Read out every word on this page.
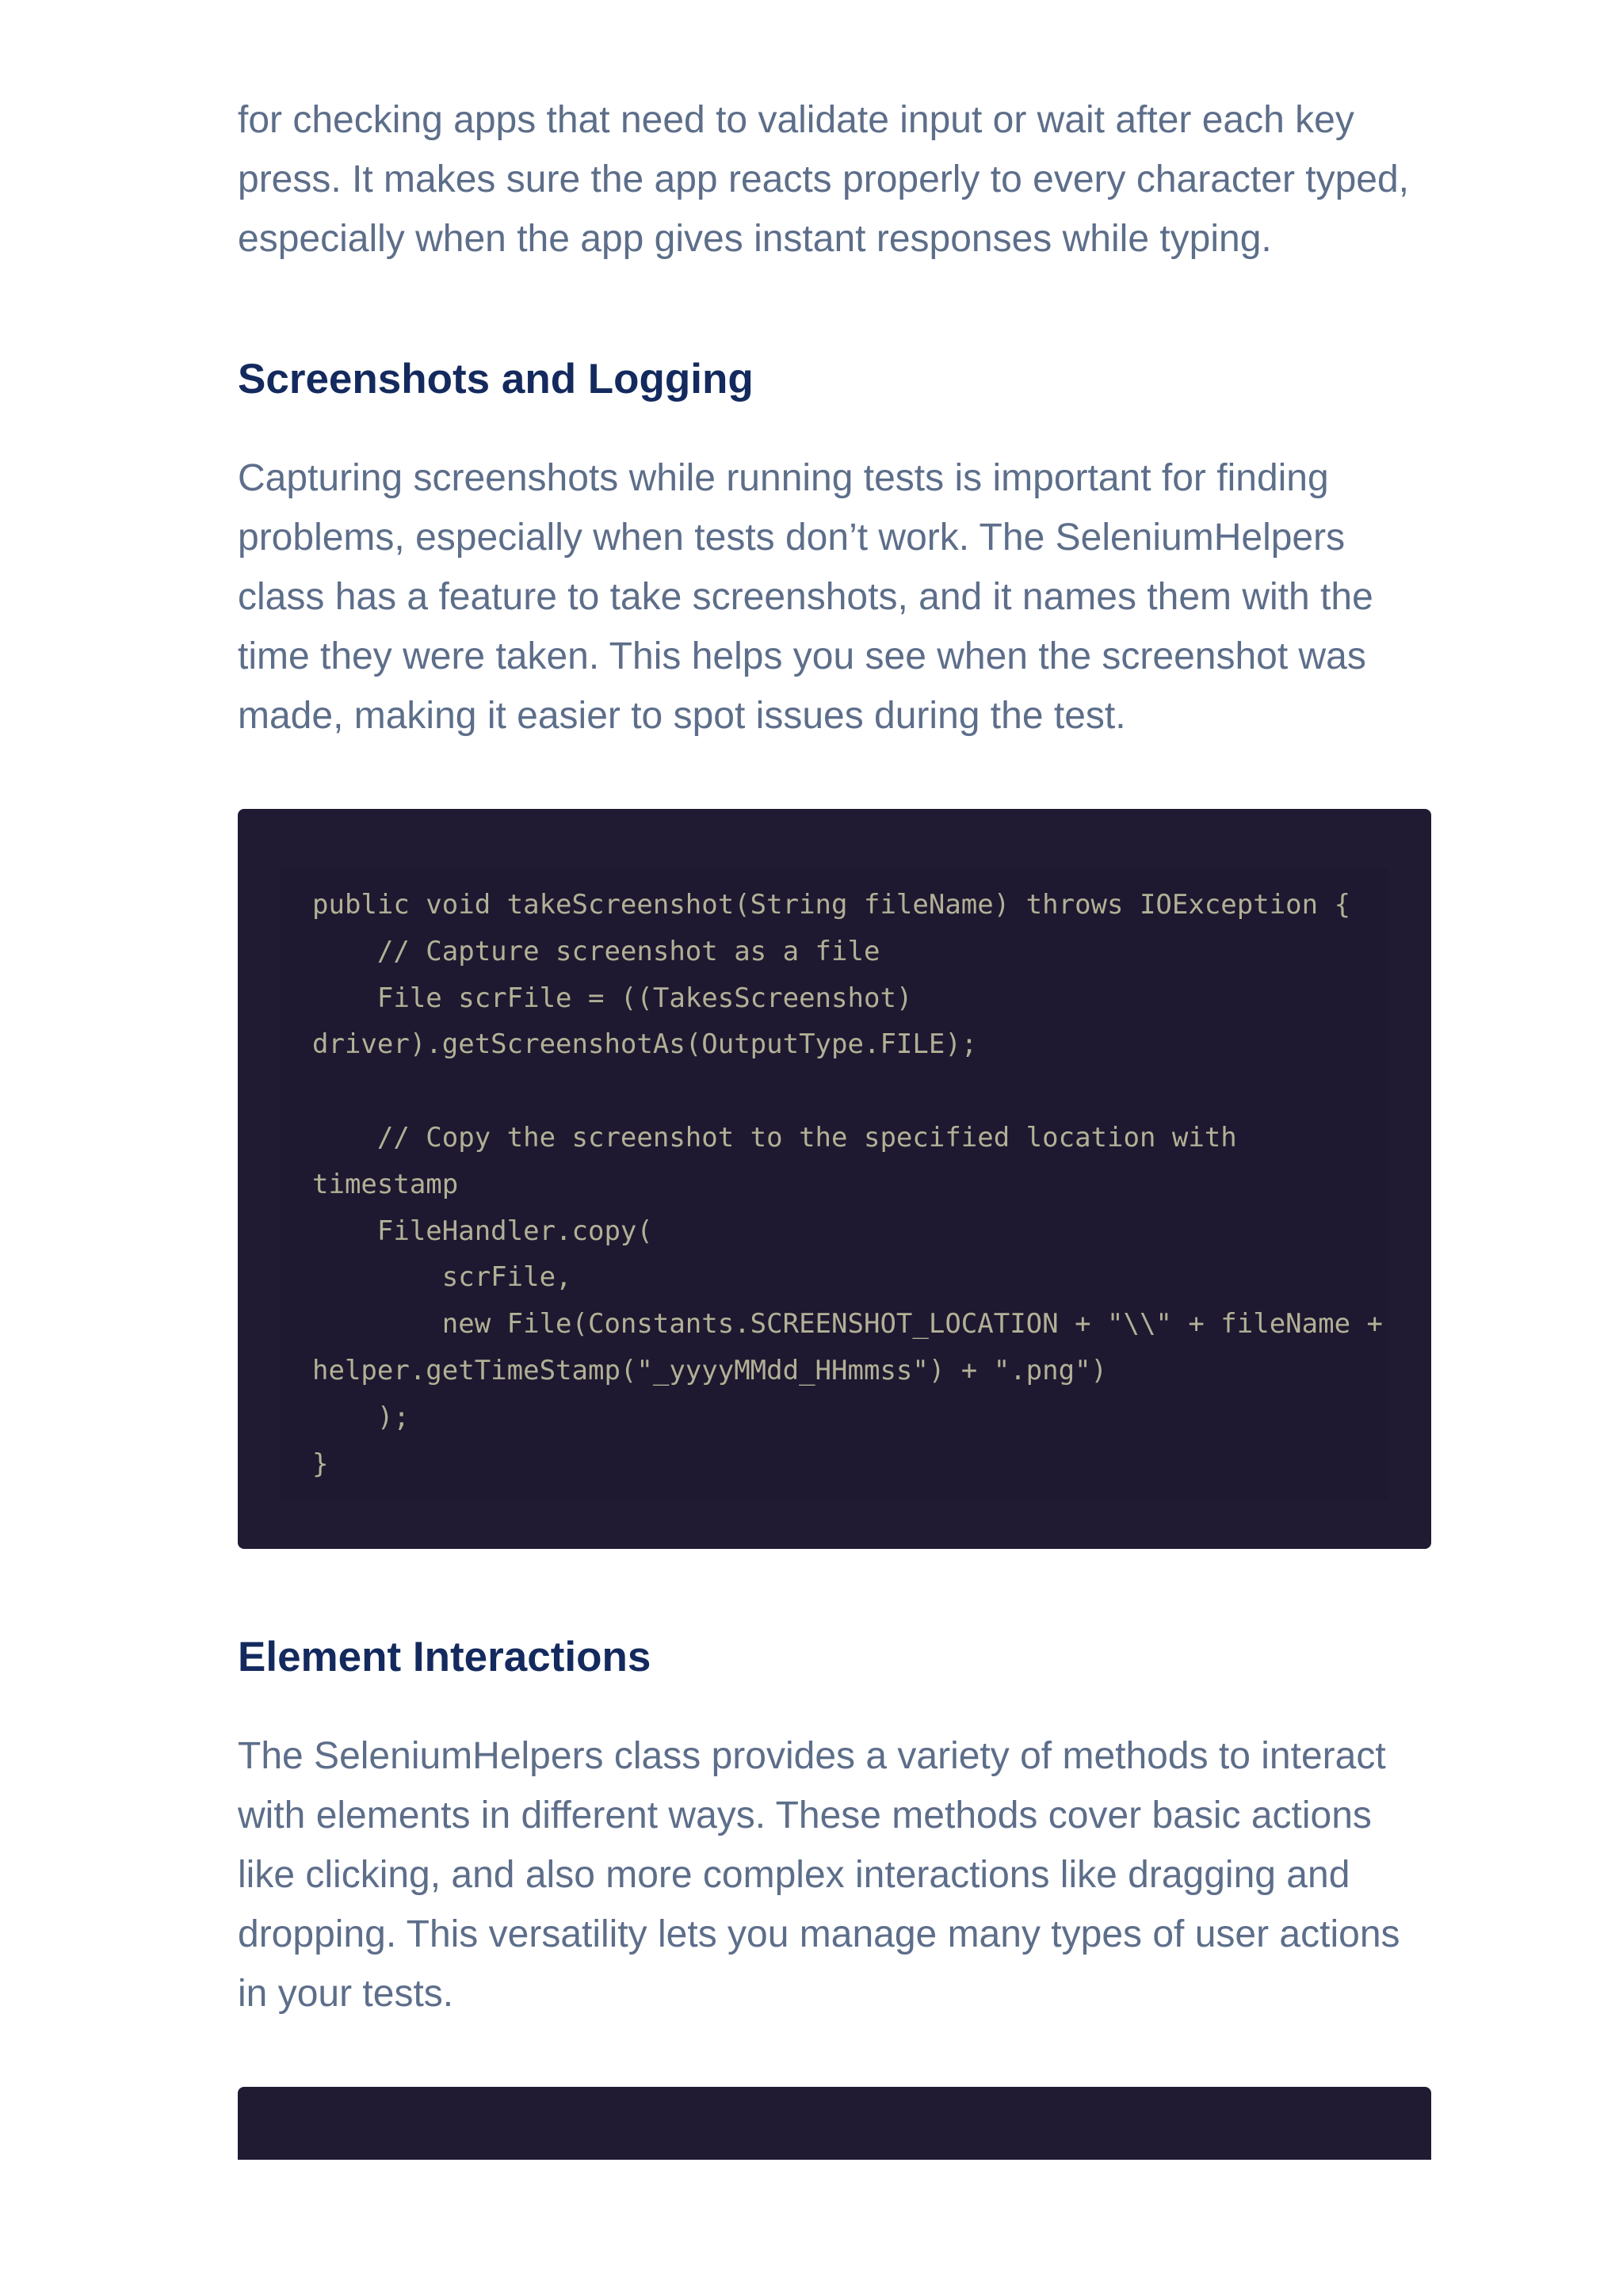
for checking apps that need to validate input or wait after each key
press. It makes sure the app reacts properly to every character typed,
especially when the app gives instant responses while typing.

Screenshots and Logging

Capturing screenshots while running tests is important for finding
problems, especially when tests don’t work. The SeleniumHelpers
class has a feature to take screenshots, and it names them with the
time they were taken. This helps you see when the screenshot was
made, making it easier to spot issues during the test.

public void takeScreenshot(String fileName) throws IOException {
// Capture screenshot as a file
File scrFile = ((TakesScreenshot)
driver).getScreenshotAs(OutputType.FILE);

// Copy the screenshot to the specified location with
timestamp
FileHandler.copy(
scrFile,
new File(Constants.SCREENSHOT_LOCATION + "\\" + fileName +
helper.getTimeStamp("_yyyyMMdd_HHmmss") + ".png")
);
}
Element Interactions

The SeleniumHelpers class provides a variety of methods to interact
with elements in different ways. These methods cover basic actions
like clicking, and also more complex interactions like dragging and
dropping. This versatility lets you manage many types of user actions
in your tests.
